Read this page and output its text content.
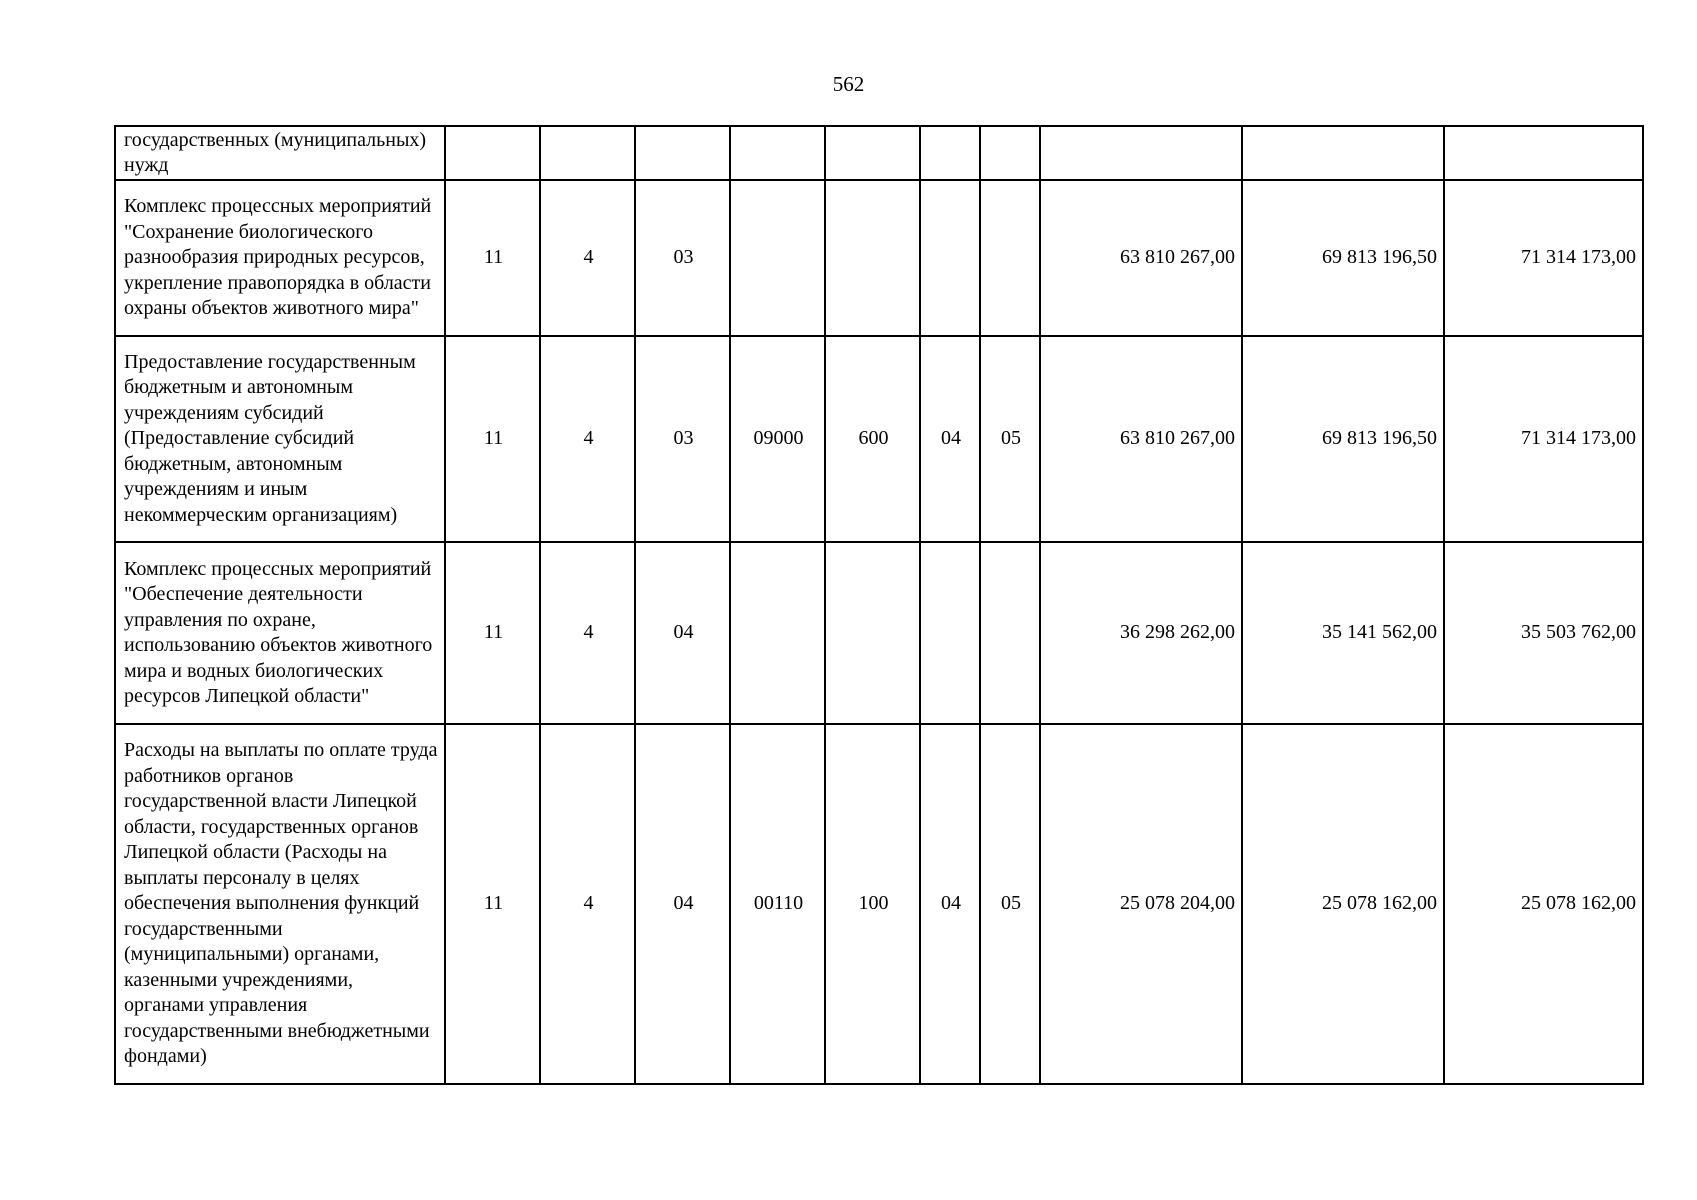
562
государственных (муниципальных) нужд										
Комплекс процессных мероприятий "Сохранение биологического разнообразия природных ресурсов, укрепление правопорядка в области охраны объектов животного мира"	11	4	03					63 810 267,00	69 813 196,50	71 314 173,00
Предоставление государственным бюджетным и автономным учреждениям субсидий (Предоставление субсидий бюджетным, автономным учреждениям и иным некоммерческим организациям)	11	4	03	09000	600	04	05	63 810 267,00	69 813 196,50	71 314 173,00
Комплекс процессных мероприятий "Обеспечение деятельности управления по охране, использованию объектов животного мира и водных биологических ресурсов Липецкой области"	11	4	04					36 298 262,00	35 141 562,00	35 503 762,00
Расходы на выплаты по оплате труда работников органов государственной власти Липецкой области, государственных органов Липецкой области (Расходы на выплаты персоналу в целях обеспечения выполнения функций государственными (муниципальными) органами, казенными учреждениями, органами управления государственными внебюджетными фондами)	11	4	04	00110	100	04	05	25 078 204,00	25 078 162,00	25 078 162,00
